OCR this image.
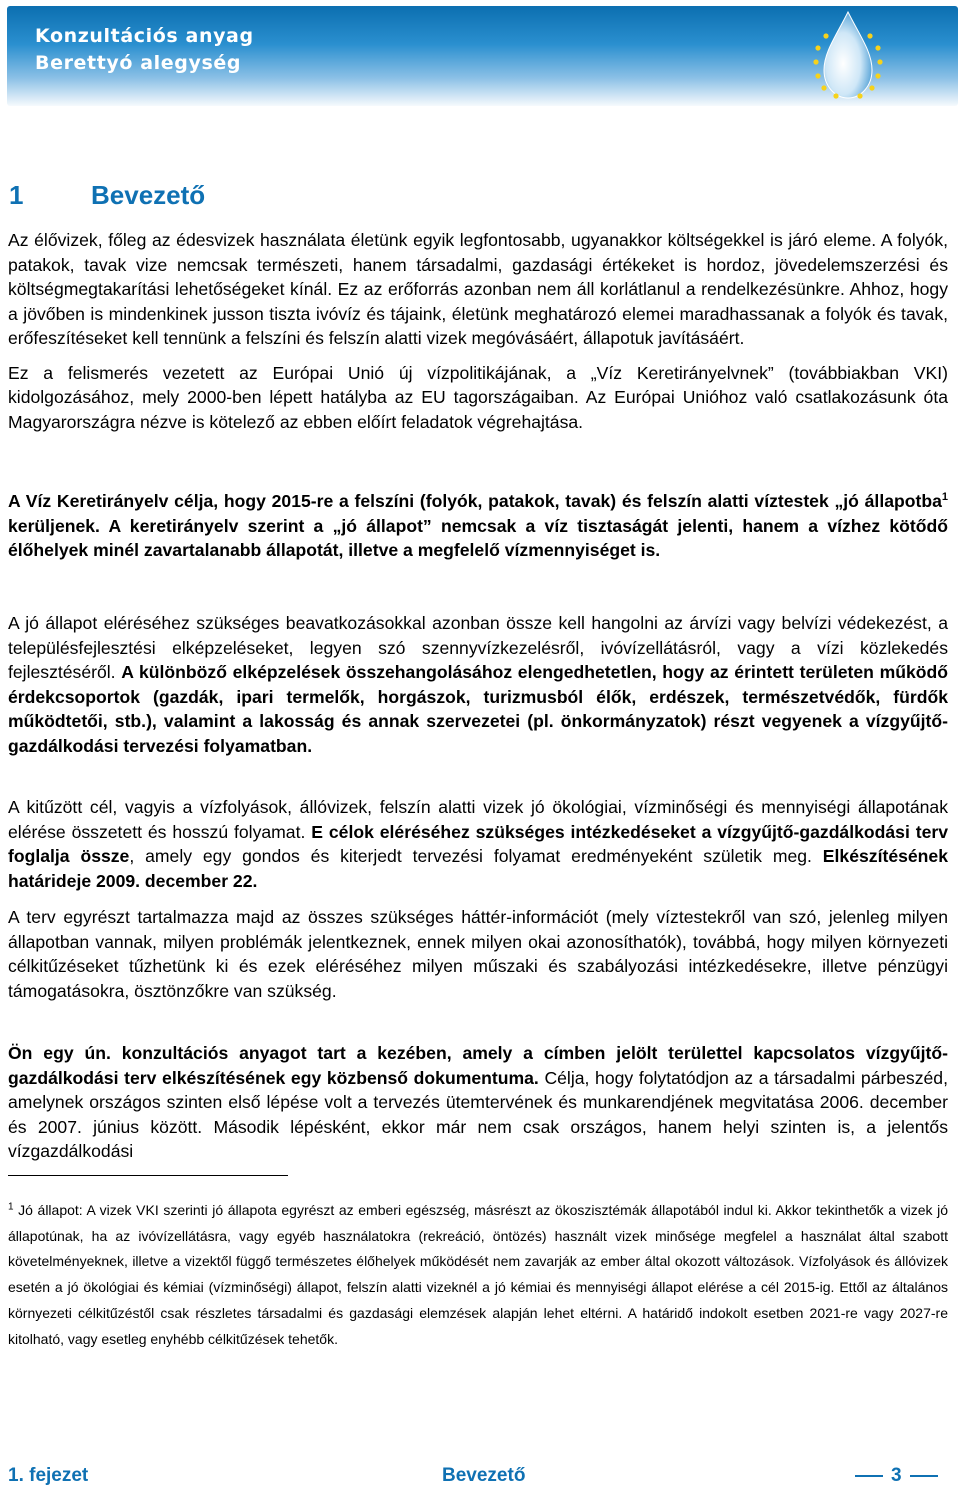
Konzultációs anyag
Berettyó alegység
1	Bevezető

Az élővizek, főleg az édesvizek használata életünk egyik legfontosabb, ugyanakkor költségekkel is járó eleme. A folyók, patakok, tavak vize nemcsak természeti, hanem társadalmi, gazdasági értékeket is hordoz, jövedelemszerzési és költségmegtakarítási lehetőségeket kínál. Ez az erőforrás azonban nem áll korlátlanul a rendelkezésünkre. Ahhoz, hogy a jövőben is mindenkinek jusson tiszta ivóvíz és tájaink, életünk meghatározó elemei maradhassanak a folyók és tavak, erőfeszítéseket kell tennünk a felszíni és felszín alatti vizek megóvásáért, állapotuk javításáért.

Ez a felismerés vezetett az Európai Unió új vízpolitikájának, a „Víz Keretirányelvnek” (továbbiakban VKI) kidolgozásához, mely 2000-ben lépett hatályba az EU tagországaiban. Az Európai Unióhoz való csatlakozásunk óta Magyarországra nézve is kötelező az ebben előírt feladatok végrehajtása.

A Víz Keretirányelv célja, hogy 2015-re a felszíni (folyók, patakok, tavak) és felszín alatti víztestek „jó állapotba$^1$ kerüljenek. A keretirányelv szerint a „jó állapot” nemcsak a víz tisztaságát jelenti, hanem a vízhez kötődő élőhelyek minél zavartalanabb állapotát, illetve a megfelelő vízmennyiséget is.

A jó állapot eléréséhez szükséges beavatkozásokkal azonban össze kell hangolni az árvízi vagy belvízi védekezést, a településfejlesztési elképzeléseket, legyen szó szennyvízkezelésről, ivóvízellátásról, vagy a vízi közlekedés fejlesztéséről. A különböző elképzelések összehangolásához elengedhetetlen, hogy az érintett területen működő érdekcsoportok (gazdák, ipari termelők, horgászok, turizmusból élők, erdészek, természetvédők, fürdők működtetői, stb.), valamint a lakosság és annak szervezetei (pl. önkormányzatok) részt vegyenek a vízgyűjtő-gazdálkodási tervezési folyamatban.

A kitűzött cél, vagyis a vízfolyások, állóvizek, felszín alatti vizek jó ökológiai, vízminőségi és mennyiségi állapotának elérése összetett és hosszú folyamat. E célok eléréséhez szükséges intézkedéseket a vízgyűjtő-gazdálkodási terv foglalja össze, amely egy gondos és kiterjedt tervezési folyamat eredményeként születik meg. Elkészítésének határideje 2009. december 22.

A terv egyrészt tartalmazza majd az összes szükséges háttér-információt (mely víztestekről van szó, jelenleg milyen állapotban vannak, milyen problémák jelentkeznek, ennek milyen okai azonosíthatók), továbbá, hogy milyen környezeti célkitűzéseket tűzhetünk ki és ezek eléréséhez milyen műszaki és szabályozási intézkedésekre, illetve pénzügyi támogatásokra, ösztönzőkre van szükség.

Ön egy ún. konzultációs anyagot tart a kezében, amely a címben jelölt területtel kapcsolatos vízgyűjtő-gazdálkodási terv elkészítésének egy közbenső dokumentuma. Célja, hogy folytatódjon az a társadalmi párbeszéd, amelynek országos szinten első lépése volt a tervezés ütemtervének és munkarendjének megvitatása 2006. december és 2007. június között. Második lépésként, ekkor már nem csak országos, hanem helyi szinten is, a jelentős vízgazdálkodási

$^1$ Jó állapot: A vizek VKI szerinti jó állapota egyrészt az emberi egészség, másrészt az ökoszisztémák állapotából indul ki. Akkor tekinthetők a vizek jó állapotúnak, ha az ivóvízellátásra, vagy egyéb használatokra (rekreáció, öntözés) használt vizek minősége megfelel a használat által szabott követelményeknek, illetve a vizektől függő természetes élőhelyek működését nem zavarják az ember által okozott változások. Vízfolyások és állóvizek esetén a jó ökológiai és kémiai (vízminőségi) állapot, felszín alatti vizeknél a jó kémiai és mennyiségi állapot elérése a cél 2015-ig. Ettől az általános környezeti célkitűzéstől csak részletes társadalmi és gazdasági elemzések alapján lehet eltérni. A határidő indokolt esetben 2021-re vagy 2027-re kitolható, vagy esetleg enyhébb célkitűzések tehetők.

1. fejezet	Bevezető	3
